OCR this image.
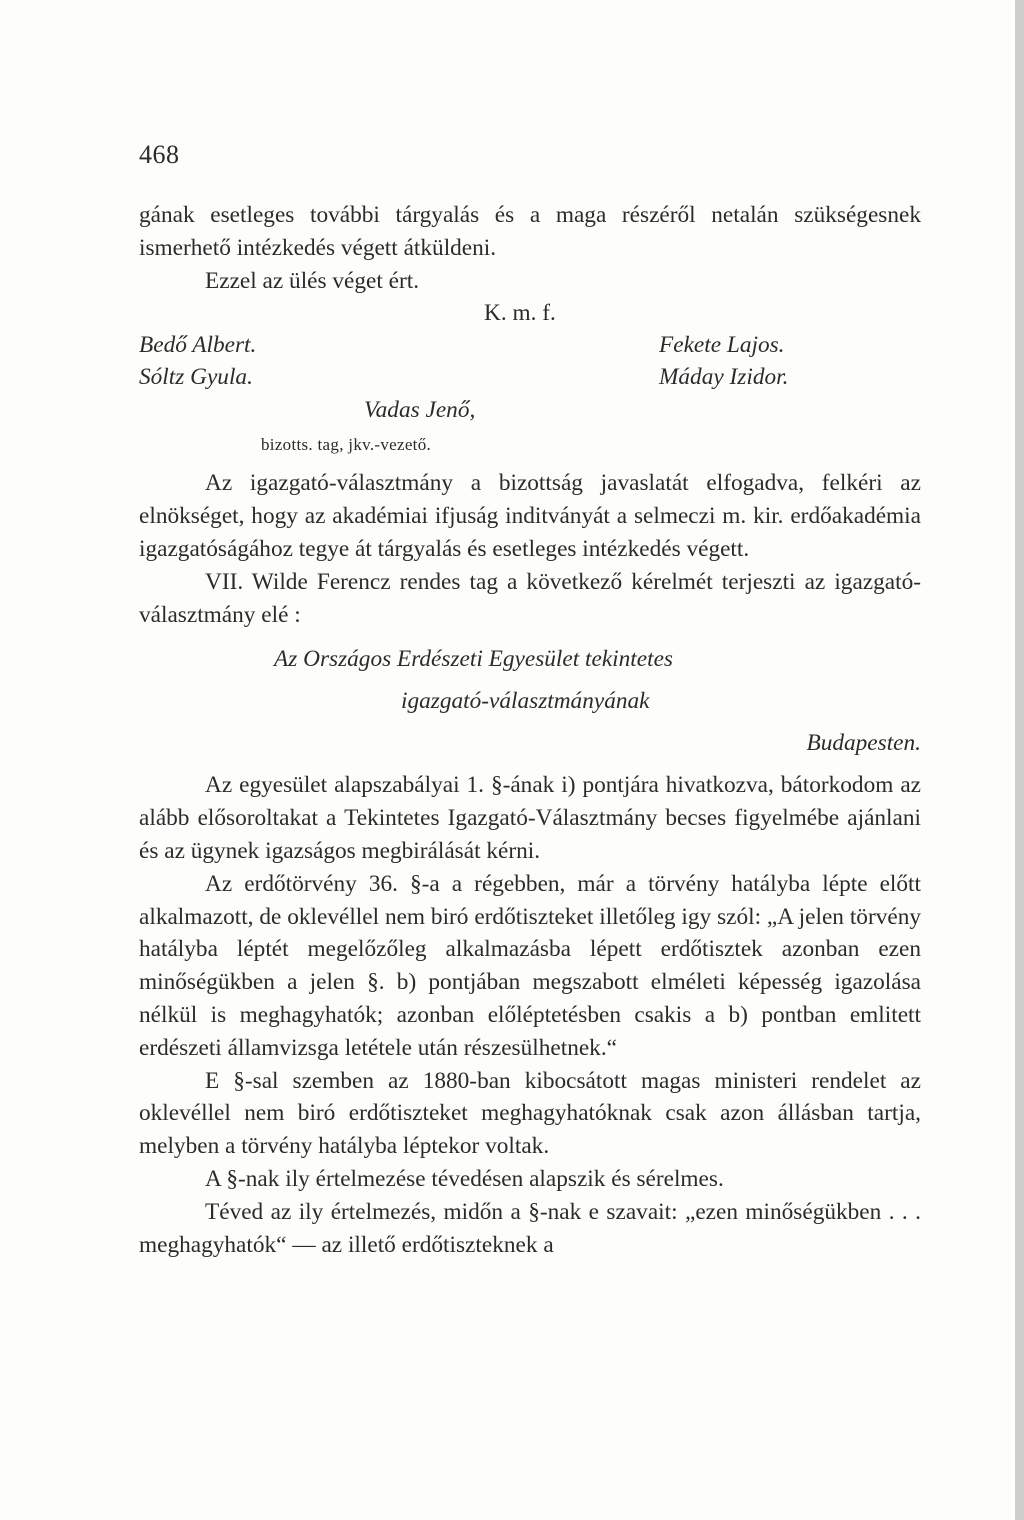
468

gának esetleges további tárgyalás és a maga részéről netalán szükségesnek ismerhető intézkedés végett átküldeni.

Ezzel az ülés véget ért.

K. m. f.
Bedő Albert.	Fekete Lajos.
Sóltz Gyula.	Máday Izidor.
Vadas Jenő,
bizotts. tag, jkv.-vezető.

Az igazgató-választmány a bizottság javaslatát elfogadva, felkéri az elnökséget, hogy az akadémiai ifjuság inditványát a selmeczi m. kir. erdőakadémia igazgatóságához tegye át tárgyalás és esetleges intézkedés végett.

VII. Wilde Ferencz rendes tag a következő kérelmét terjeszti az igazgató-választmány elé :

Az Országos Erdészeti Egyesület tekintetes
igazgató-választmányának
Budapesten.

Az egyesület alapszabályai 1. §-ának i) pontjára hivatkozva, bátorkodom az alább elősoroltakat a Tekintetes Igazgató-Választmány becses figyelmébe ajánlani és az ügynek igazságos megbirálását kérni.

Az erdőtörvény 36. §-a a régebben, már a törvény hatályba lépte előtt alkalmazott, de oklevéllel nem biró erdőtiszteket illetőleg igy szól: „A jelen törvény hatályba léptét megelőzőleg alkalmazásba lépett erdőtisztek azonban ezen minőségükben a jelen §. b) pontjában megszabott elméleti képesség igazolása nélkül is meghagyhatók; azonban előléptetésben csakis a b) pontban emlitett erdészeti államvizsga letétele után részesülhetnek.“

E §-sal szemben az 1880-ban kibocsátott magas ministeri rendelet az oklevéllel nem biró erdőtiszteket meghagyhatóknak csak azon állásban tartja, melyben a törvény hatályba léptekor voltak.

A §-nak ily értelmezése tévedésen alapszik és sérelmes.

Téved az ily értelmezés, midőn a §-nak e szavait: „ezen minőségükben . . . meghagyhatók“ — az illető erdőtiszteknek a
